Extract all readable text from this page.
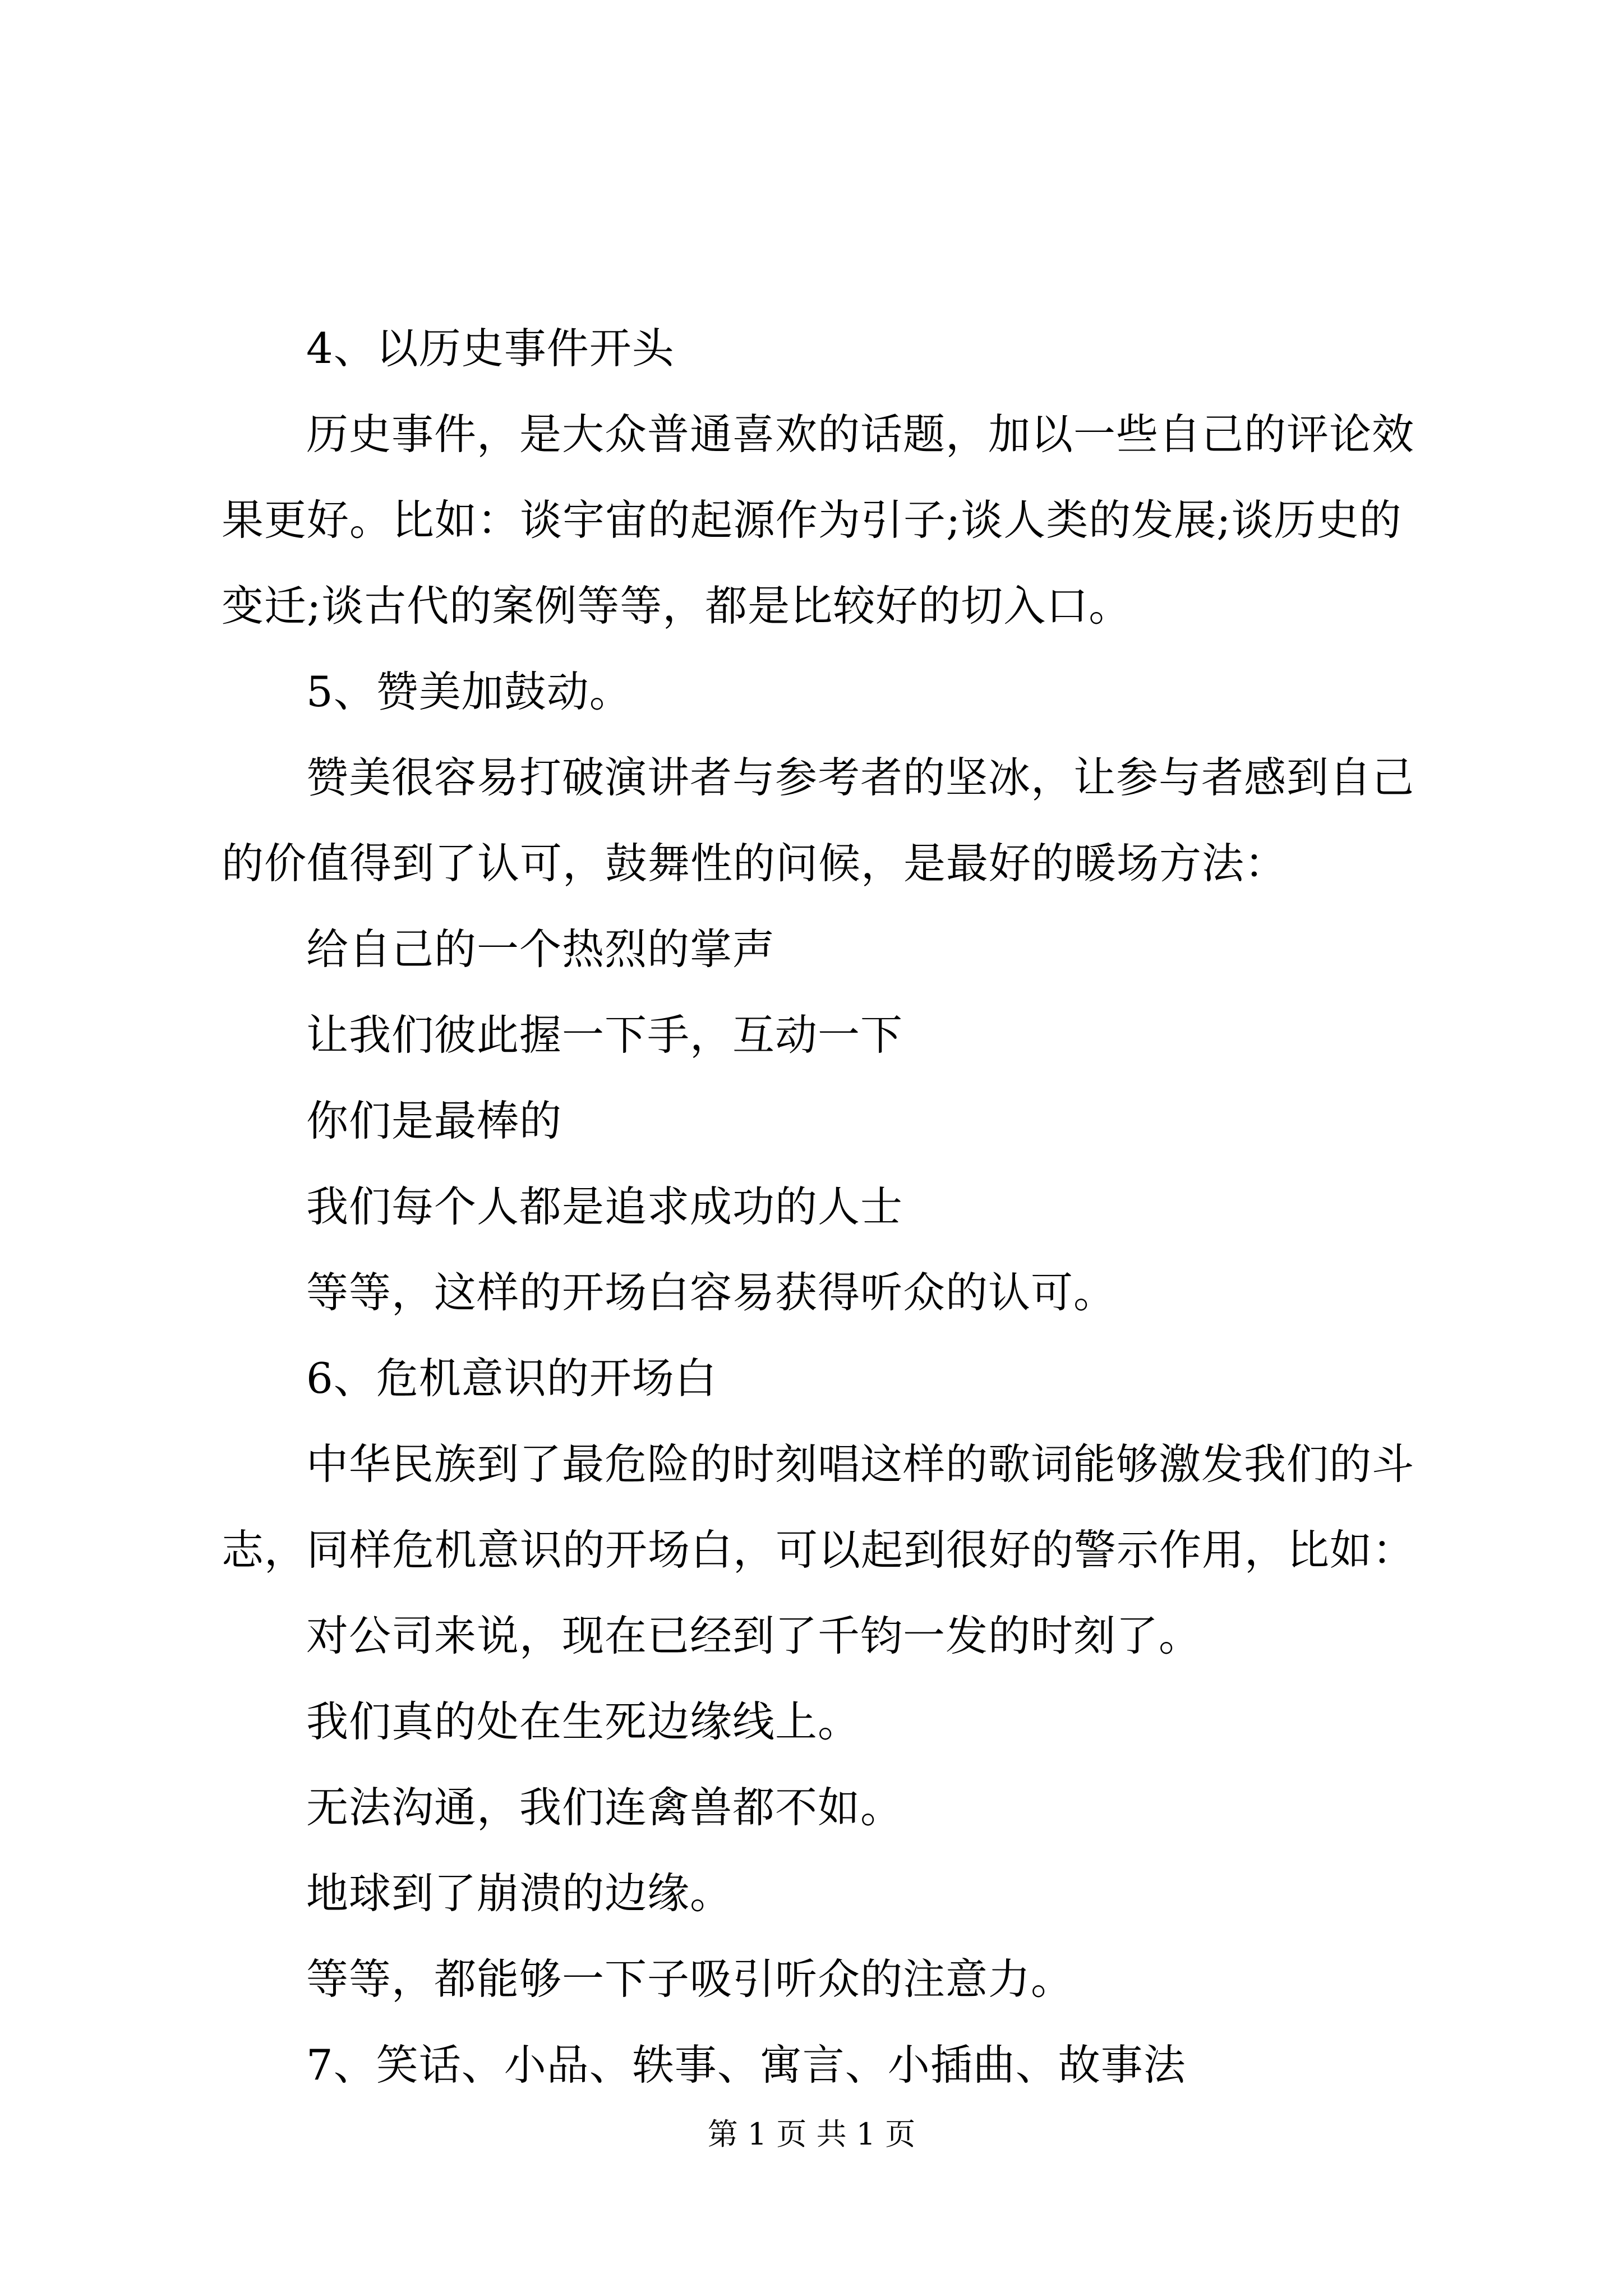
4、以历史事件开头

历史事件，是大众普通喜欢的话题，加以一些自己的评论效果更好。比如：谈宇宙的起源作为引子;谈人类的发展;谈历史的变迁;谈古代的案例等等，都是比较好的切入口。

5、赞美加鼓动。

赞美很容易打破演讲者与参考者的坚冰，让参与者感到自己的价值得到了认可，鼓舞性的问候，是最好的暖场方法：

给自己的一个热烈的掌声

让我们彼此握一下手，互动一下

你们是最棒的

我们每个人都是追求成功的人士

等等，这样的开场白容易获得听众的认可。

6、危机意识的开场白

中华民族到了最危险的时刻唱这样的歌词能够激发我们的斗志，同样危机意识的开场白，可以起到很好的警示作用，比如：

对公司来说，现在已经到了千钧一发的时刻了。

我们真的处在生死边缘线上。

无法沟通，我们连禽兽都不如。

地球到了崩溃的边缘。

等等，都能够一下子吸引听众的注意力。

7、笑话、小品、轶事、寓言、小插曲、故事法

第 1 页 共 1 页
